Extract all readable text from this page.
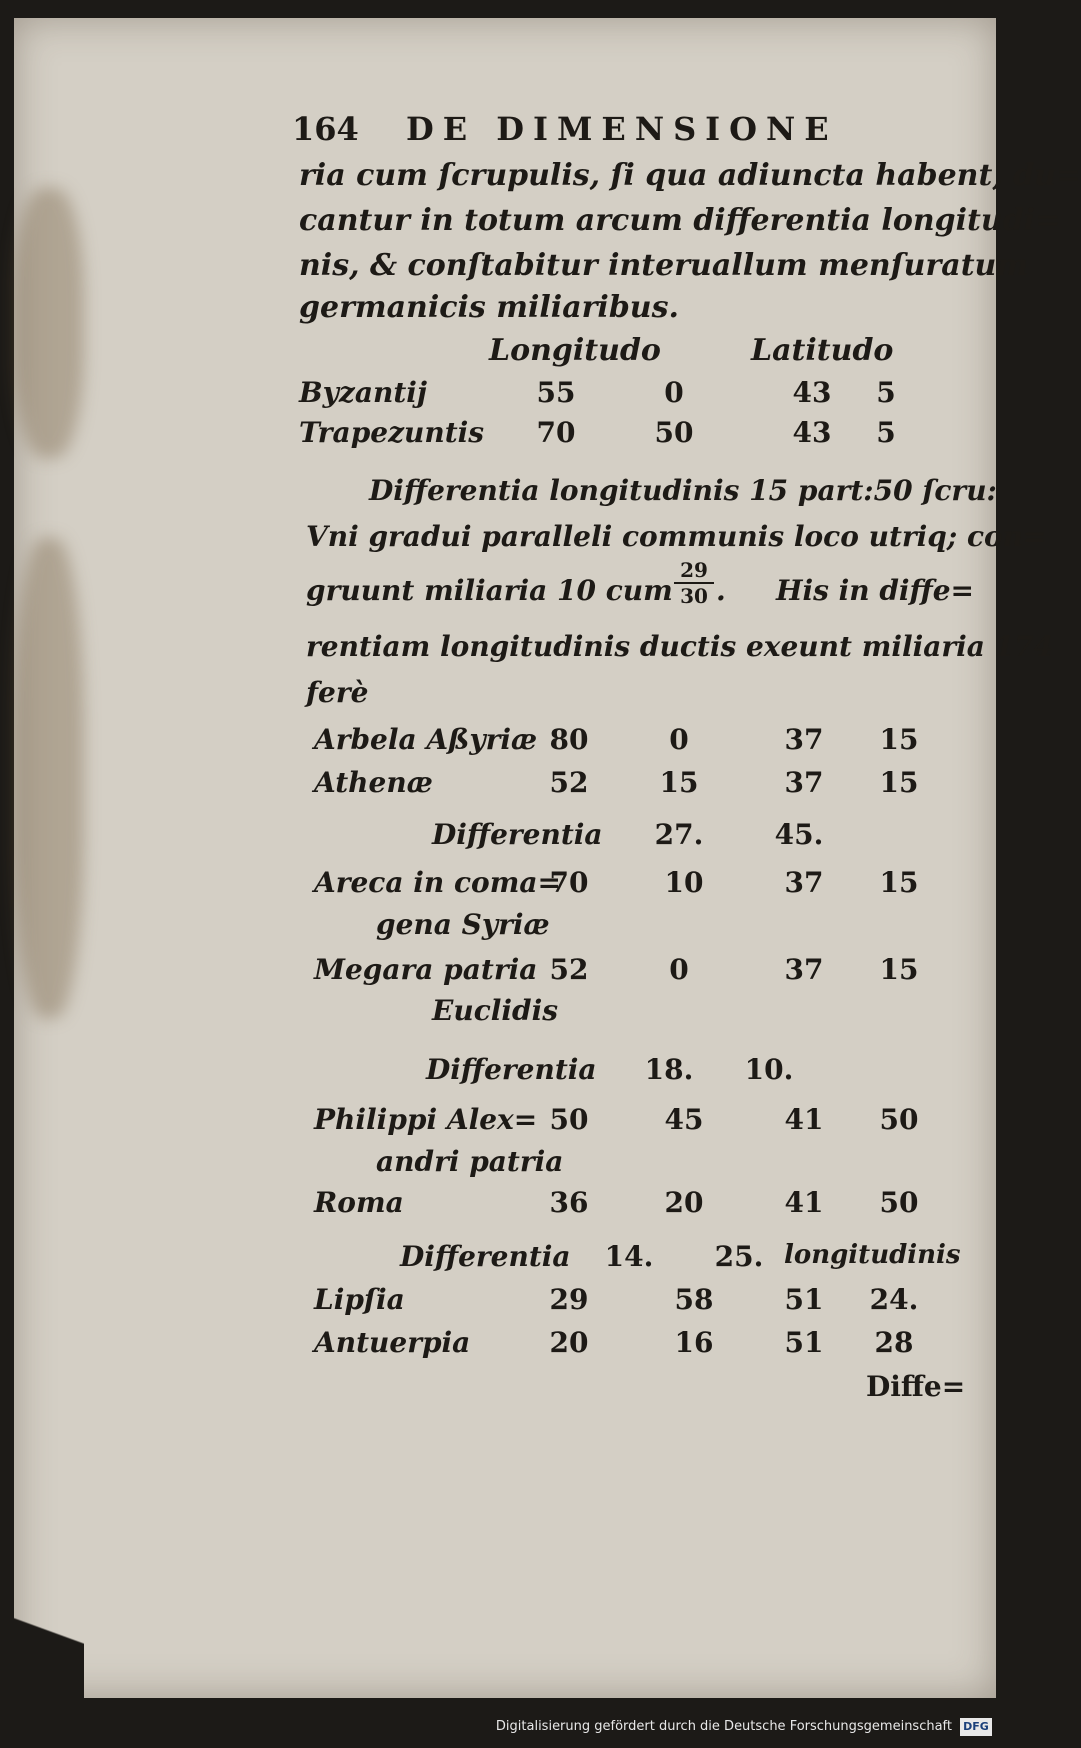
164 DE DIMENSIONE
ria cum ſcrupulis, ſi qua adiuncta habent, du=
cantur in totum arcum differentia longitudi=
nis, & conſtabitur interuallum menſuratum
germanicis miliaribus.
Longitudo	Latitudo
Byzantij	55	0	43	5
Trapezuntis	70	50	43	5
Differentia longitudinis 15 part:50 ſcru:
Vni gradui paralleli communis loco utriq; con=
gruunt miliaria 10 cum $\frac{29}{30}$ . His in diffe=
rentiam longitudinis ductis exeunt miliaria 174
ferè
Arbela Aßyriæ 80	0	37	15
Athenæ	52	15	37	15
Differentia	27.	45.
Areca in coma=
gena Syriæ
70	10	37	15
Megara patria
Euclidis
52	0	37	15
Differentia	18.	10.
Philippi Alex=
andri patria
50	45	41	50
Roma	36	20	41	50
Differentia	14.	25. longitudinis
Lipſia	29	58	51	24.
Antuerpia	20	16	51	28
Diffe=
Digitalisierung gefördert durch die Deutsche Forschungsgemeinschaft DFG
